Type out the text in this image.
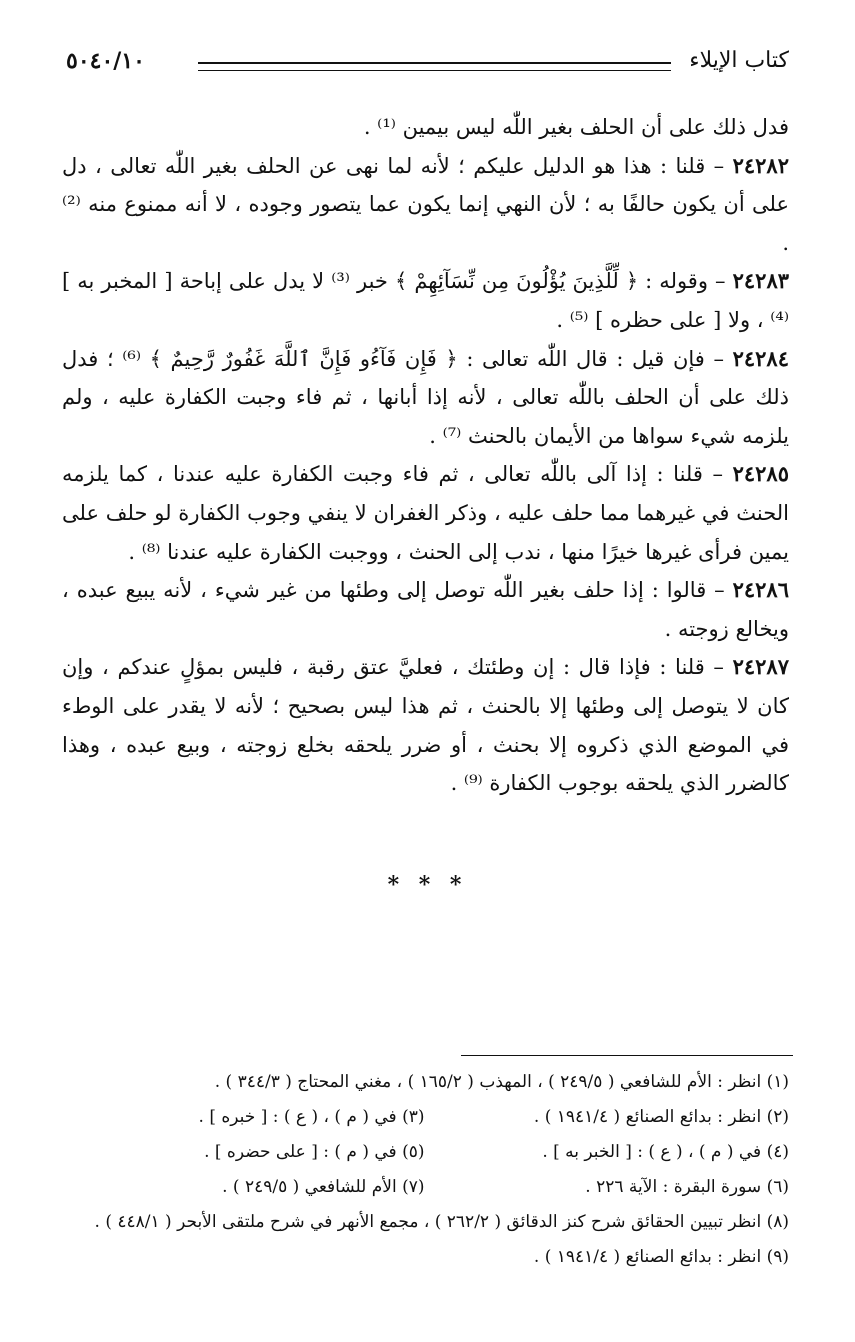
كتاب الإيلاء
٥٠٤٠/١٠

فدل ذلك على أن الحلف بغير اللّٰه ليس بيمين ⁽¹⁾ .

٢٤٢٨٢ – قلنا : هذا هو الدليل عليكم ؛ لأنه لما نهى عن الحلف بغير اللّٰه تعالى ، دل على أن يكون حالفًا به ؛ لأن النهي إنما يكون عما يتصور وجوده ، لا أنه ممنوع منه ⁽²⁾ .

٢٤٢٨٣ – وقوله : ﴿ لِّلَّذِينَ يُؤْلُونَ مِن نِّسَآئِهِمْ ﴾ خبر ⁽³⁾ لا يدل على إباحة [ المخبر به ] ⁽⁴⁾ ، ولا [ على حظره ] ⁽⁵⁾ .

٢٤٢٨٤ – فإن قيل : قال اللّٰه تعالى : ﴿ فَإِن فَآءُو فَإِنَّ ٱللَّهَ غَفُورٌ رَّحِيمٌ ﴾ ⁽⁶⁾ ؛ فدل ذلك على أن الحلف باللّٰه تعالى ، لأنه إذا أبانها ، ثم فاء وجبت الكفارة عليه ، ولم يلزمه شيء سواها من الأيمان بالحنث ⁽⁷⁾ .

٢٤٢٨٥ – قلنا : إذا آلى باللّٰه تعالى ، ثم فاء وجبت الكفارة عليه عندنا ، كما يلزمه الحنث في غيرهما مما حلف عليه ، وذكر الغفران لا ينفي وجوب الكفارة لو حلف على يمين فرأى غيرها خيرًا منها ، ندب إلى الحنث ، ووجبت الكفارة عليه عندنا ⁽⁸⁾ .

٢٤٢٨٦ – قالوا : إذا حلف بغير اللّٰه توصل إلى وطئها من غير شيء ، لأنه يبيع عبده ، ويخالع زوجته .

٢٤٢٨٧ – قلنا : فإذا قال : إن وطئتك ، فعليَّ عتق رقبة ، فليس بمؤلٍ عندكم ، وإن كان لا يتوصل إلى وطئها إلا بالحنث ، ثم هذا ليس بصحيح ؛ لأنه لا يقدر على الوطء في الموضع الذي ذكروه إلا بحنث ، أو ضرر يلحقه بخلع زوجته ، وبيع عبده ، وهذا كالضرر الذي يلحقه بوجوب الكفارة ⁽⁹⁾ .

* * *
(١) انظر : الأم للشافعي ( ٢٤٩/٥ ) ، المهذب ( ١٦٥/٢ ) ، مغني المحتاج ( ٣٤٤/٣ ) .
(٢) انظر : بدائع الصنائع ( ١٩٤١/٤ ) .
(٣) في ( م ) ، ( ع ) : [ خبره ] .
(٤) في ( م ) ، ( ع ) : [ الخبر به ] .
(٥) في ( م ) : [ على حضره ] .
(٦) سورة البقرة : الآية ٢٢٦ .
(٧) الأم للشافعي ( ٢٤٩/٥ ) .
(٨) انظر تبيين الحقائق شرح كنز الدقائق ( ٢٦٢/٢ ) ، مجمع الأنهر في شرح ملتقى الأبحر ( ٤٤٨/١ ) .
(٩) انظر : بدائع الصنائع ( ١٩٤١/٤ ) .
